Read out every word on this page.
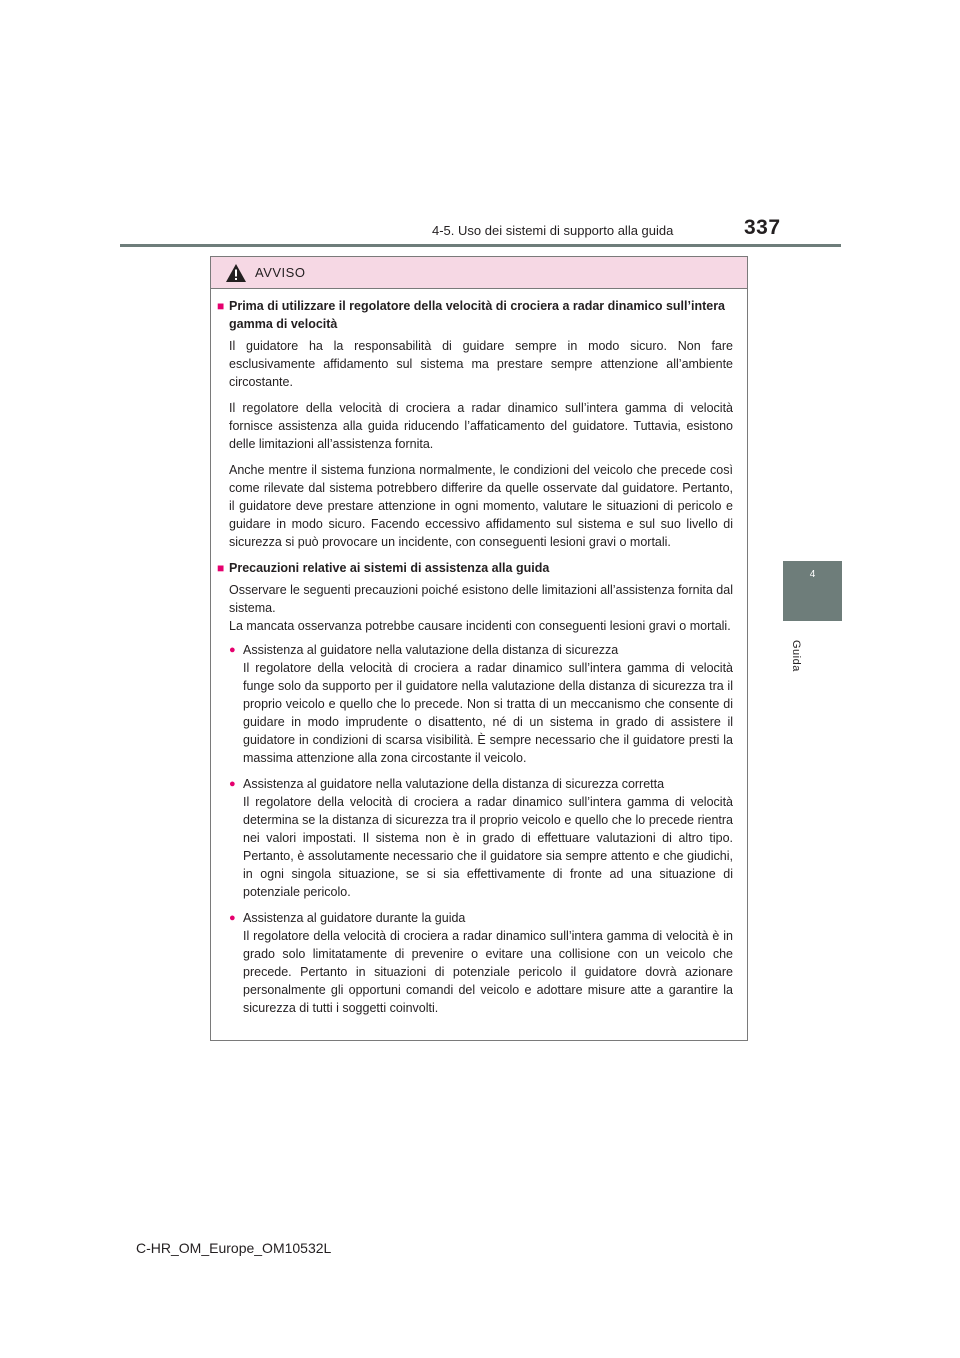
4-5. Uso dei sistemi di supporto alla guida	337
4
Guida
AVVISO
■ Prima di utilizzare il regolatore della velocità di crociera a radar dinamico sull’intera gamma di velocità

Il guidatore ha la responsabilità di guidare sempre in modo sicuro. Non fare esclusivamente affidamento sul sistema ma prestare sempre attenzione all’ambiente circostante.

Il regolatore della velocità di crociera a radar dinamico sull’intera gamma di velocità fornisce assistenza alla guida riducendo l’affaticamento del guidatore. Tuttavia, esistono delle limitazioni all’assistenza fornita.

Anche mentre il sistema funziona normalmente, le condizioni del veicolo che precede così come rilevate dal sistema potrebbero differire da quelle osservate dal guidatore. Pertanto, il guidatore deve prestare attenzione in ogni momento, valutare le situazioni di pericolo e guidare in modo sicuro. Facendo eccessivo affidamento sul sistema e sul suo livello di sicurezza si può provocare un incidente, con conseguenti lesioni gravi o mortali.

■ Precauzioni relative ai sistemi di assistenza alla guida
Osservare le seguenti precauzioni poiché esistono delle limitazioni all’assistenza fornita dal sistema.
La mancata osservanza potrebbe causare incidenti con conseguenti lesioni gravi o mortali.
● Assistenza al guidatore nella valutazione della distanza di sicurezza
Il regolatore della velocità di crociera a radar dinamico sull’intera gamma di velocità funge solo da supporto per il guidatore nella valutazione della distanza di sicurezza tra il proprio veicolo e quello che lo precede. Non si tratta di un meccanismo che consente di guidare in modo imprudente o disattento, né di un sistema in grado di assistere il guidatore in condizioni di scarsa visibilità. È sempre necessario che il guidatore presti la massima attenzione alla zona circostante il veicolo.
● Assistenza al guidatore nella valutazione della distanza di sicurezza corretta
Il regolatore della velocità di crociera a radar dinamico sull’intera gamma di velocità determina se la distanza di sicurezza tra il proprio veicolo e quello che lo precede rientra nei valori impostati. Il sistema non è in grado di effettuare valutazioni di altro tipo. Pertanto, è assolutamente necessario che il guidatore sia sempre attento e che giudichi, in ogni singola situazione, se si sia effettivamente di fronte ad una situazione di potenziale pericolo.
● Assistenza al guidatore durante la guida
Il regolatore della velocità di crociera a radar dinamico sull’intera gamma di velocità è in grado solo limitatamente di prevenire o evitare una collisione con un veicolo che precede. Pertanto in situazioni di potenziale pericolo il guidatore dovrà azionare personalmente gli opportuni comandi del veicolo e adottare misure atte a garantire la sicurezza di tutti i soggetti coinvolti.
C-HR_OM_Europe_OM10532L
